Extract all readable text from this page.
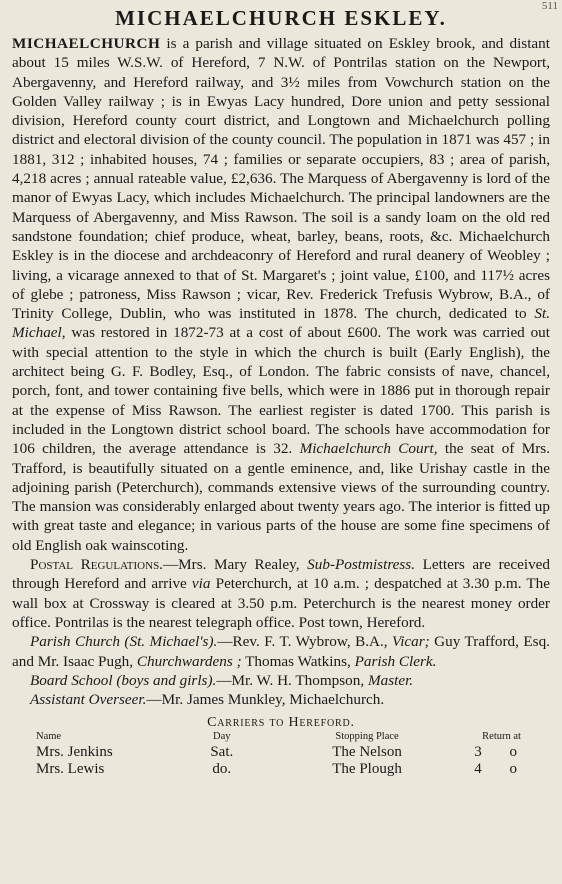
511
MICHAELCHURCH ESKLEY.

MICHAELCHURCH is a parish and village situated on Eskley brook, and distant about 15 miles W.S.W. of Hereford, 7 N.W. of Pontrilas station on the Newport, Abergavenny, and Hereford railway, and 3½ miles from Vowchurch station on the Golden Valley railway ; is in Ewyas Lacy hundred, Dore union and petty sessional division, Hereford county court district, and Longtown and Michaelchurch polling district and electoral division of the county council. The population in 1871 was 457 ; in 1881, 312 ; inhabited houses, 74 ; families or separate occupiers, 83 ; area of parish, 4,218 acres ; annual rateable value, £2,636. The Marquess of Abergavenny is lord of the manor of Ewyas Lacy, which includes Michaelchurch. The principal landowners are the Marquess of Abergavenny, and Miss Rawson. The soil is a sandy loam on the old red sandstone foundation; chief produce, wheat, barley, beans, roots, &c. Michaelchurch Eskley is in the diocese and archdeaconry of Hereford and rural deanery of Weobley ; living, a vicarage annexed to that of St. Margaret's ; joint value, £100, and 117½ acres of glebe ; patroness, Miss Rawson ; vicar, Rev. Frederick Trefusis Wybrow, B.A., of Trinity College, Dublin, who was instituted in 1878. The church, dedicated to St. Michael, was restored in 1872-73 at a cost of about £600. The work was carried out with special attention to the style in which the church is built (Early English), the architect being G. F. Bodley, Esq., of London. The fabric consists of nave, chancel, porch, font, and tower containing five bells, which were in 1886 put in thorough repair at the expense of Miss Rawson. The earliest register is dated 1700. This parish is included in the Longtown district school board. The schools have accommodation for 106 children, the average attendance is 32. Michaelchurch Court, the seat of Mrs. Trafford, is beautifully situated on a gentle eminence, and, like Urishay castle in the adjoining parish (Peterchurch), commands extensive views of the surrounding country. The mansion was considerably enlarged about twenty years ago. The interior is fitted up with great taste and elegance; in various parts of the house are some fine specimens of old English oak wainscoting.

Postal Regulations.—Mrs. Mary Realey, Sub-Postmistress. Letters are received through Hereford and arrive via Peterchurch, at 10 a.m. ; despatched at 3.30 p.m. The wall box at Crossway is cleared at 3.50 p.m. Peterchurch is the nearest money order office. Pontrilas is the nearest telegraph office. Post town, Hereford.

Parish Church (St. Michael's).—Rev. F. T. Wybrow, B.A., Vicar; Guy Trafford, Esq. and Mr. Isaac Pugh, Churchwardens ; Thomas Watkins, Parish Clerk.

Board School (boys and girls).—Mr. W. H. Thompson, Master.

Assistant Overseer.—Mr. James Munkley, Michaelchurch.

Carriers to Hereford.
Name	Day	Stopping Place	Return at
Mrs. Jenkins	Sat.	The Nelson	3 o
Mrs. Lewis	do.	The Plough	4 o
